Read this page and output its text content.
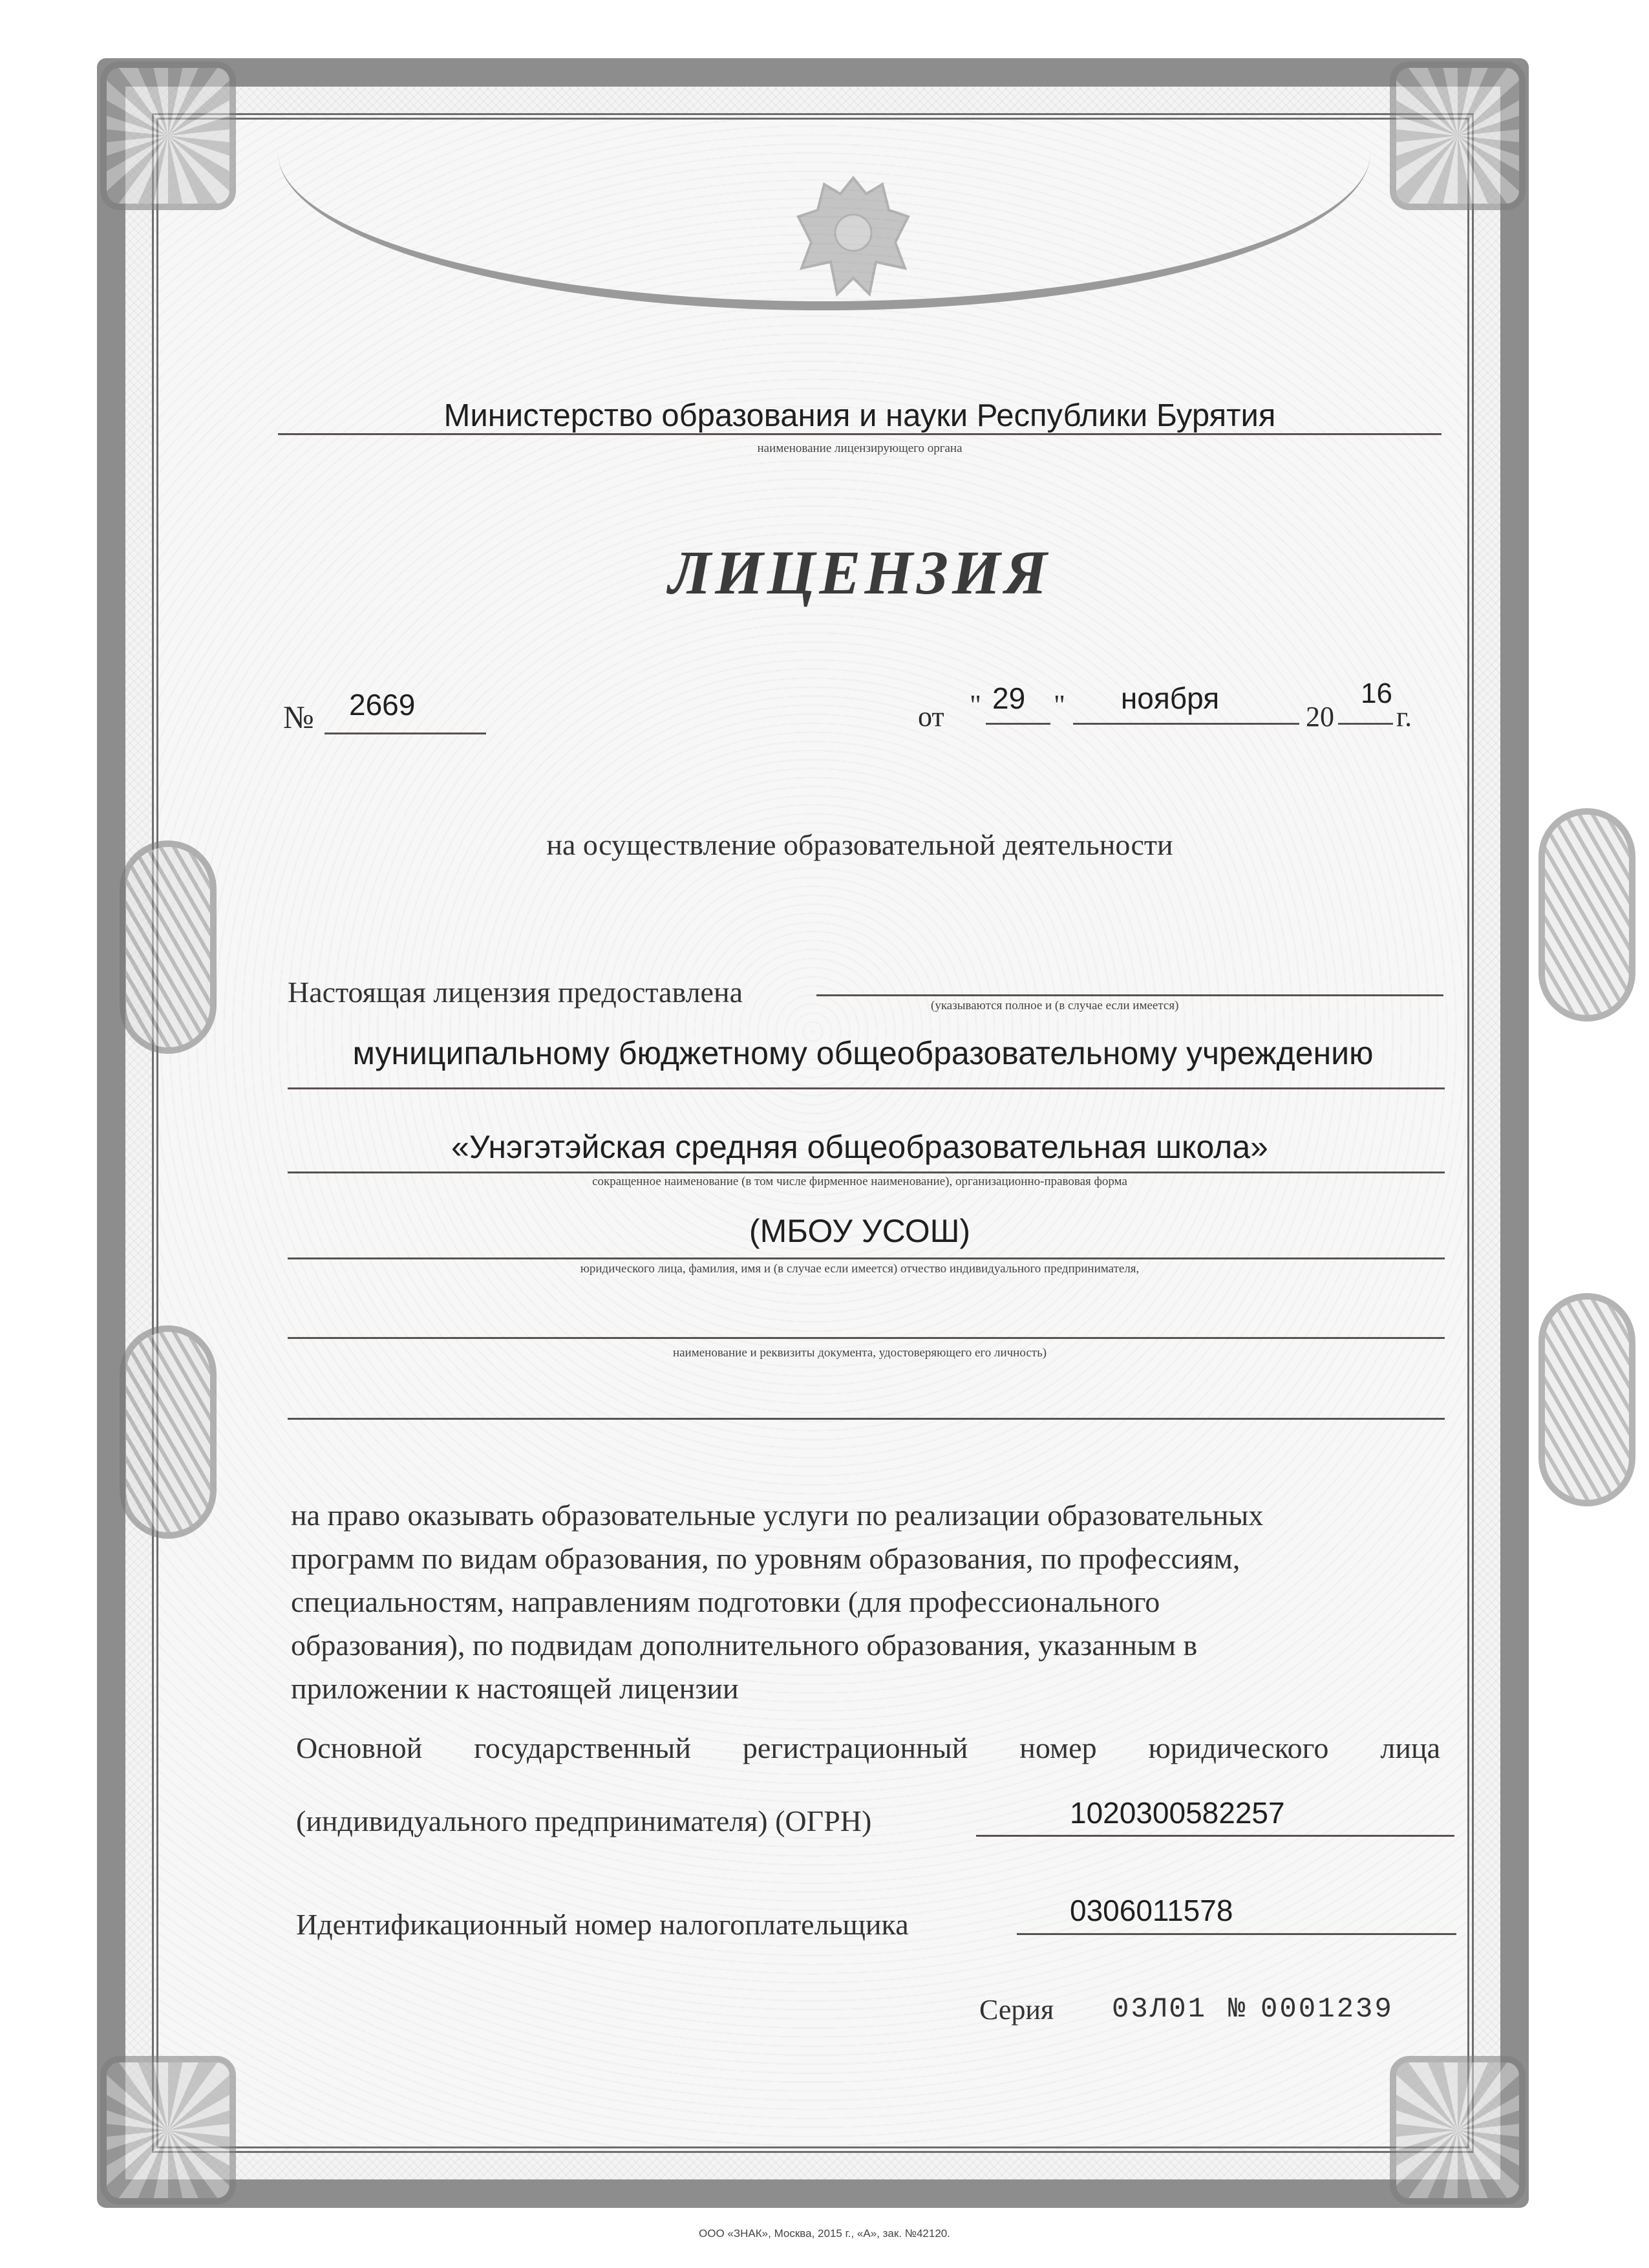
Министерство образования и науки Республики Бурятия
наименование лицензирующего органа
ЛИЦЕНЗИЯ
№ 2669	от " 29 "	ноября
20
16
г.
на осуществление образовательной деятельности
Настоящая лицензия предоставлена	(указываются полное и (в случае если имеется)
муниципальному бюджетному общеобразовательному учреждению
«Унэгэтэйская средняя общеобразовательная школа»
сокращенное наименование (в том числе фирменное наименование), организационно-правовая форма
(МБОУ УСОШ)
юридического лица, фамилия, имя и (в случае если имеется) отчество индивидуального предпринимателя,
наименование и реквизиты документа, удостоверяющего его личность)
на право оказывать образовательные услуги по реализации образовательных
программ по видам образования, по уровням образования, по профессиям,
специальностям, направлениям подготовки (для профессионального
образования), по подвидам дополнительного образования, указанным в
приложении к настоящей лицензии
Основной государственный регистрационный номер юридического лица
(индивидуального предпринимателя) (ОГРН)	1020300582257
Идентификационный номер налогоплательщика	0306011578
Серия 03Л01 № 0001239
ООО «ЗНАК», Москва, 2015 г., «А», зак. №42120.
